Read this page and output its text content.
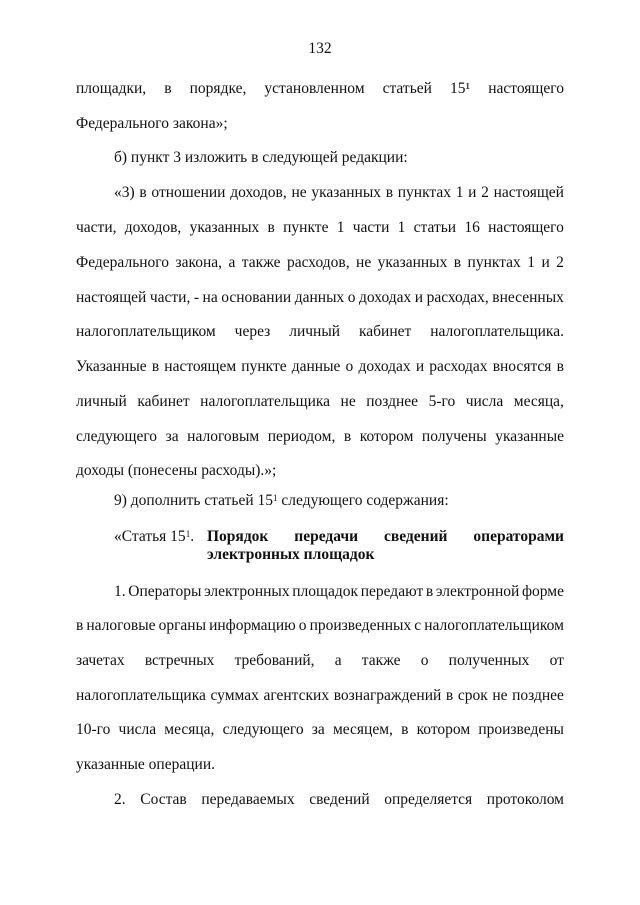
132
площадки, в порядке, установленном статьей 15¹ настоящего
Федерального закона»;
б) пункт 3 изложить в следующей редакции:
«3) в отношении доходов, не указанных в пунктах 1 и 2 настоящей
части, доходов, указанных в пункте 1 части 1 статьи 16 настоящего
Федерального закона, а также расходов, не указанных в пунктах 1 и 2
настоящей части, - на основании данных о доходах и расходах, внесенных
налогоплательщиком через личный кабинет налогоплательщика.
Указанные в настоящем пункте данные о доходах и расходах вносятся в
личный кабинет налогоплательщика не позднее 5-го числа месяца,
следующего за налоговым периодом, в котором получены указанные
доходы (понесены расходы).»;
9) дополнить статьей $15^1$ следующего содержания:
«Статья $15^1$. Порядок передачи сведений операторами
электронных площадок
1. Операторы электронных площадок передают в электронной форме
в налоговые органы информацию о произведенных с налогоплательщиком
зачетах встречных требований, а также о полученных от
налогоплательщика суммах агентских вознаграждений в срок не позднее
10-го числа месяца, следующего за месяцем, в котором произведены
указанные операции.
2. Состав передаваемых сведений определяется протоколом
